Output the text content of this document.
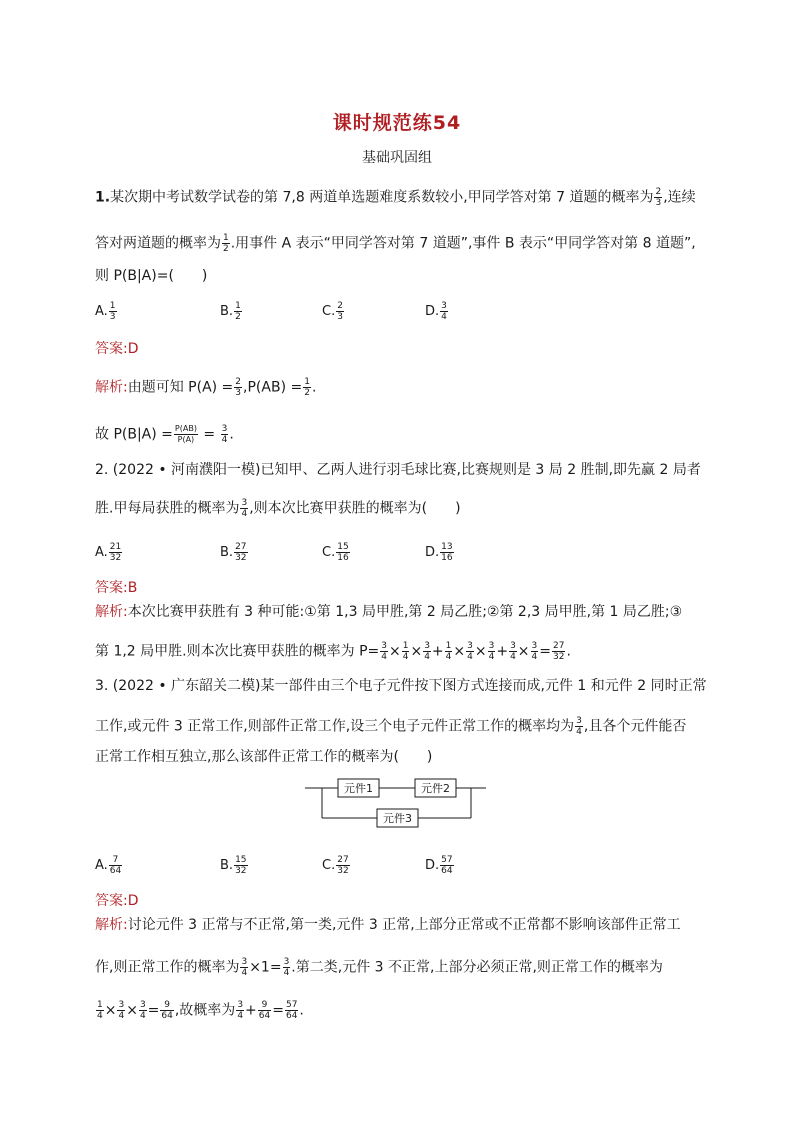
课时规范练54
基础巩固组
1.某次期中考试数学试卷的第 7,8 两道单选题难度系数较小,甲同学答对第 7 道题的概率为 $\frac{2}{3}$ ,连续
答对两道题的概率为 $\frac{1}{2}$ .用事件 A 表示“甲同学答对第 7 道题”,事件 B 表示“甲同学答对第 8 道题”,
则 P(B|A)=(　　)
A. $\frac{1}{3}$	B. $\frac{1}{2}$	C. $\frac{2}{3}$	D. $\frac{3}{4}$
答案:D
解析:由题可知 $P(A) = \frac{2}{3} ,P(AB) = \frac{1}{2}$ .
故 $P(B|A) = \frac{P(AB)}{P(A)} = \frac{3}{4}$ .
2. (2022 • 河南濮阳一模)已知甲、乙两人进行羽毛球比赛,比赛规则是 3 局 2 胜制,即先赢 2 局者
胜.甲每局获胜的概率为 $\frac{3}{4}$ ,则本次比赛甲获胜的概率为(　　)
A. $\frac{21}{32}$	B. $\frac{27}{32}$	C. $\frac{15}{16}$	D. $\frac{13}{16}$
答案:B
解析:本次比赛甲获胜有 3 种可能:①第 1,3 局甲胜,第 2 局乙胜;②第 2,3 局甲胜,第 1 局乙胜;③
第 1,2 局甲胜.则本次比赛甲获胜的概率为 $P= \frac{3}{4} \times \frac{1}{4} \times \frac{3}{4} + \frac{1}{4} \times \frac{3}{4} \times \frac{3}{4} + \frac{3}{4} \times \frac{3}{4} = \frac{27}{32}$ .
3. (2022 • 广东韶关二模)某一部件由三个电子元件按下图方式连接而成,元件 1 和元件 2 同时正常
工作,或元件 3 正常工作,则部件正常工作,设三个电子元件正常工作的概率均为 $\frac{3}{4}$ ,且各个元件能否
正常工作相互独立,那么该部件正常工作的概率为(　　)
元件1	元件2
元件3
A. $\frac{7}{64}$	B. $\frac{15}{32}$	C. $\frac{27}{32}$	D. $\frac{57}{64}$
答案:D
解析:讨论元件 3 正常与不正常,第一类,元件 3 正常,上部分正常或不正常都不影响该部件正常工
作,则正常工作的概率为 $\frac{3}{4} \times 1= \frac{3}{4}$ .第二类,元件 3 不正常,上部分必须正常,则正常工作的概率为
$\frac{1}{4} \times \frac{3}{4} \times \frac{3}{4} = \frac{9}{64}$ ,故概率为 $\frac{3}{4} + \frac{9}{64} = \frac{57}{64}$ .
